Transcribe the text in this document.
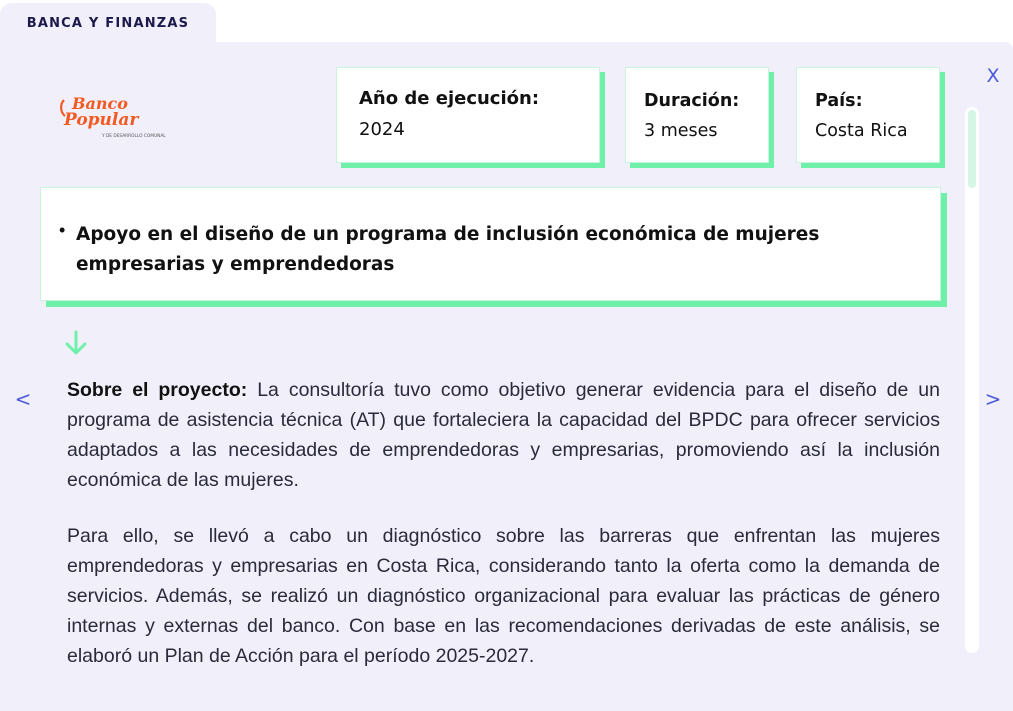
BANCA Y FINANZAS
Banco
Popular
Y DE DESARROLLO COMUNAL
Año de ejecución:
2024
Duración:
3 meses
País:
Costa Rica
• Apoyo en el diseño de un programa de inclusión económica de mujeres empresarias y emprendedoras

Sobre el proyecto: La consultoría tuvo como objetivo generar evidencia para el diseño de un programa de asistencia técnica (AT) que fortaleciera la capacidad del BPDC para ofrecer servicios adaptados a las necesidades de emprendedoras y empresarias, promoviendo así la inclusión económica de las mujeres.

Para ello, se llevó a cabo un diagnóstico sobre las barreras que enfrentan las mujeres emprendedoras y empresarias en Costa Rica, considerando tanto la oferta como la demanda de servicios. Además, se realizó un diagnóstico organizacional para evaluar las prácticas de género internas y externas del banco. Con base en las recomendaciones derivadas de este análisis, se elaboró un Plan de Acción para el período 2025-2027.

X
<	>
